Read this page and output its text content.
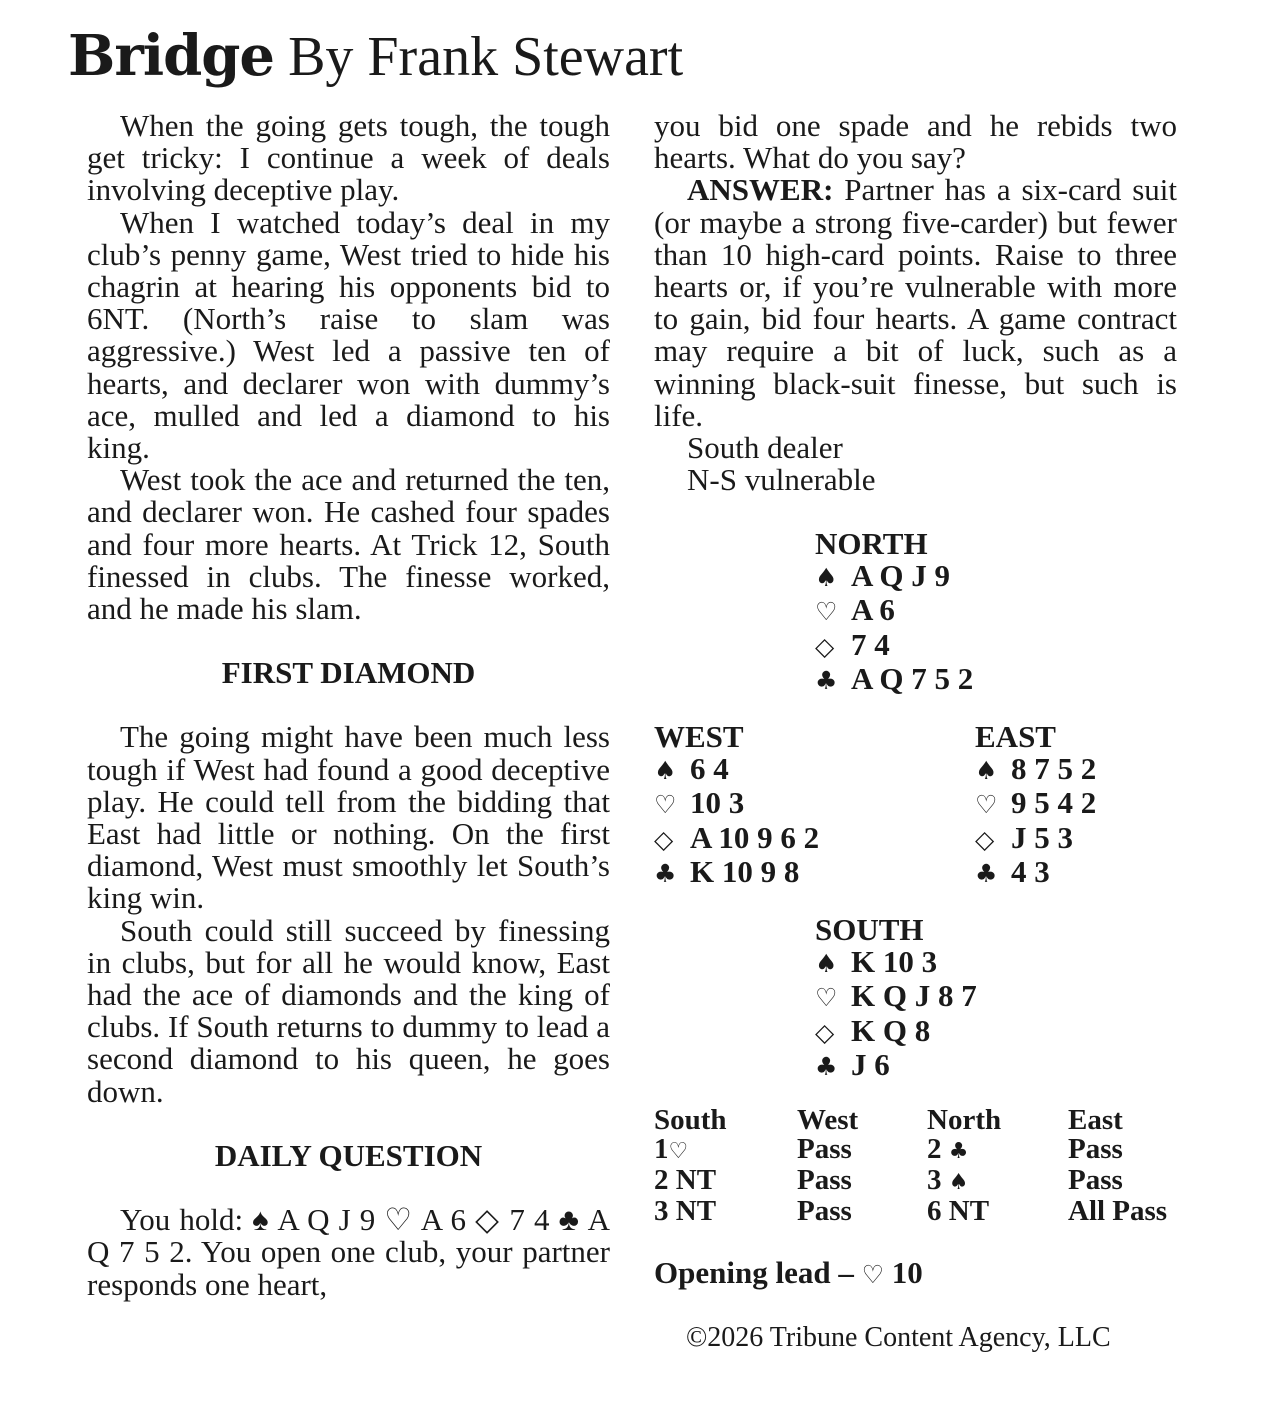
Bridge By Frank Stewart

When the going gets tough, the tough get tricky: I continue a week of deals involving deceptive play.

When I watched today’s deal in my club’s penny game, West tried to hide his chagrin at hearing his opponents bid to 6NT. (North’s raise to slam was aggressive.) West led a passive ten of hearts, and declarer won with dummy’s ace, mulled and led a diamond to his king.

West took the ace and returned the ten, and declarer won. He cashed four spades and four more hearts. At Trick 12, South finessed in clubs. The finesse worked, and he made his slam.

FIRST DIAMOND

The going might have been much less tough if West had found a good deceptive play. He could tell from the bidding that East had little or nothing. On the first diamond, West must smoothly let South’s king win.

South could still succeed by finessing in clubs, but for all he would know, East had the ace of diamonds and the king of clubs. If South returns to dummy to lead a second diamond to his queen, he goes down.

DAILY QUESTION

You hold: ♠ A Q J 9 ♡ A 6 ◇ 7 4 ♣ A Q 7 5 2. You open one club, your partner responds one heart,

you bid one spade and he rebids two hearts. What do you say?

ANSWER: Partner has a six-card suit (or maybe a strong five-carder) but fewer than 10 high-card points. Raise to three hearts or, if you’re vulnerable with more to gain, bid four hearts. A game contract may require a bit of luck, such as a winning black-suit finesse, but such is life.

South dealer
N-S vulnerable
NORTH
♠ A Q J 9
♡ A 6
◇ 7 4
♣ A Q 7 5 2
WEST
♠ 6 4
♡ 10 3
◇ A 10 9 6 2
♣ K 10 9 8
EAST
♠ 8 7 5 2
♡ 9 5 4 2
◇ J 5 3
♣ 4 3
SOUTH
♠ K 10 3
♡ K Q J 8 7
◇ K Q 8
♣ J 6
South	West	North	East
1♡	Pass	2 ♣	Pass
2 NT	Pass	3 ♠	Pass
3 NT	Pass	6 NT	All Pass
Opening lead – ♡ 10
©2026 Tribune Content Agency, LLC
